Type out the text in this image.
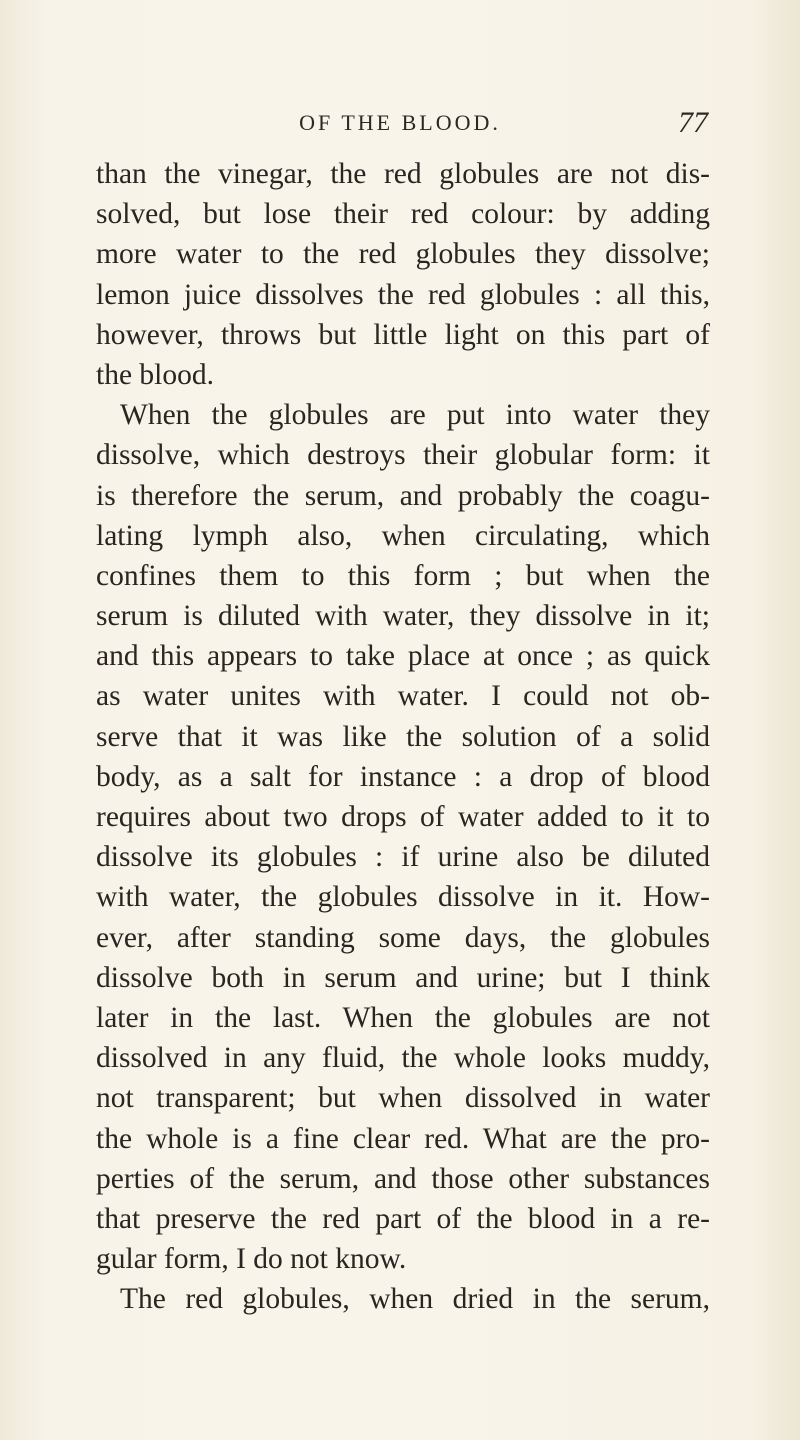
OF THE BLOOD.	77
than the vinegar, the red globules are not dis-
solved, but lose their red colour: by adding
more water to the red globules they dissolve;
lemon juice dissolves the red globules : all this,
however, throws but little light on this part of
the blood.
When the globules are put into water they
dissolve, which destroys their globular form: it
is therefore the serum, and probably the coagu-
lating lymph also, when circulating, which
confines them to this form ; but when the
serum is diluted with water, they dissolve in it;
and this appears to take place at once ; as quick
as water unites with water. I could not ob-
serve that it was like the solution of a solid
body, as a salt for instance : a drop of blood
requires about two drops of water added to it to
dissolve its globules : if urine also be diluted
with water, the globules dissolve in it. How-
ever, after standing some days, the globules
dissolve both in serum and urine; but I think
later in the last. When the globules are not
dissolved in any fluid, the whole looks muddy,
not transparent; but when dissolved in water
the whole is a fine clear red. What are the pro-
perties of the serum, and those other substances
that preserve the red part of the blood in a re-
gular form, I do not know.
The red globules, when dried in the serum,
